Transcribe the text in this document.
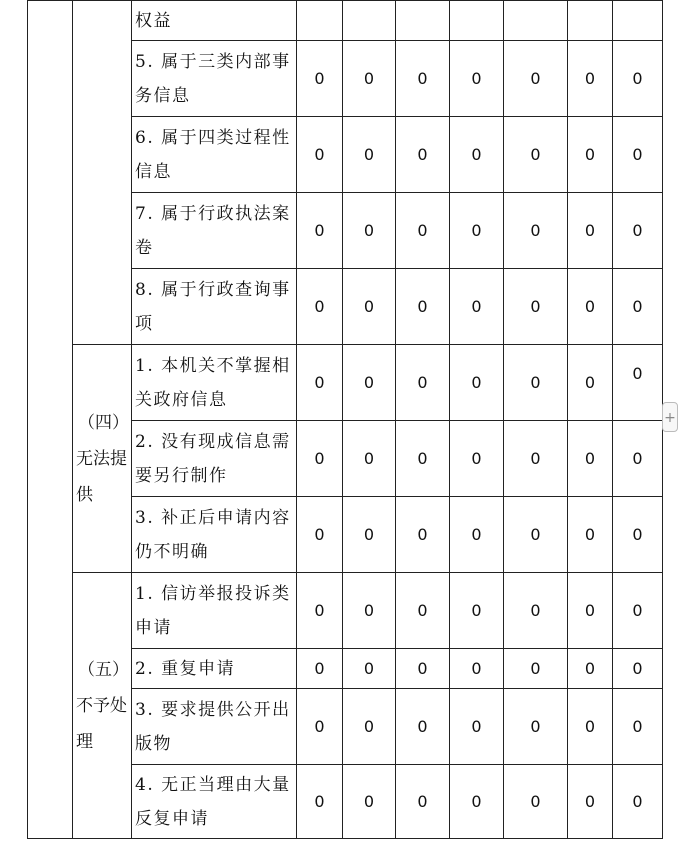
		权益							
		5. 属于三类内部事务信息	0	0	0	0	0	0	0
		6. 属于四类过程性信息	0	0	0	0	0	0	0
		7. 属于行政执法案卷	0	0	0	0	0	0	0
		8. 属于行政查询事项	0	0	0	0	0	0	0

	（四）
无法提供	1. 本机关不掌握相关政府信息	0	0	0	0	0	0	0
		2. 没有现成信息需要另行制作	0	0	0	0	0	0	0
		3. 补正后申请内容仍不明确	0	0	0	0	0	0	0

	（五）
不予处理	1. 信访举报投诉类申请	0	0	0	0	0	0	0
		2. 重复申请	0	0	0	0	0	0	0
		3. 要求提供公开出版物	0	0	0	0	0	0	0
		4. 无正当理由大量反复申请	0	0	0	0	0	0	0
+
